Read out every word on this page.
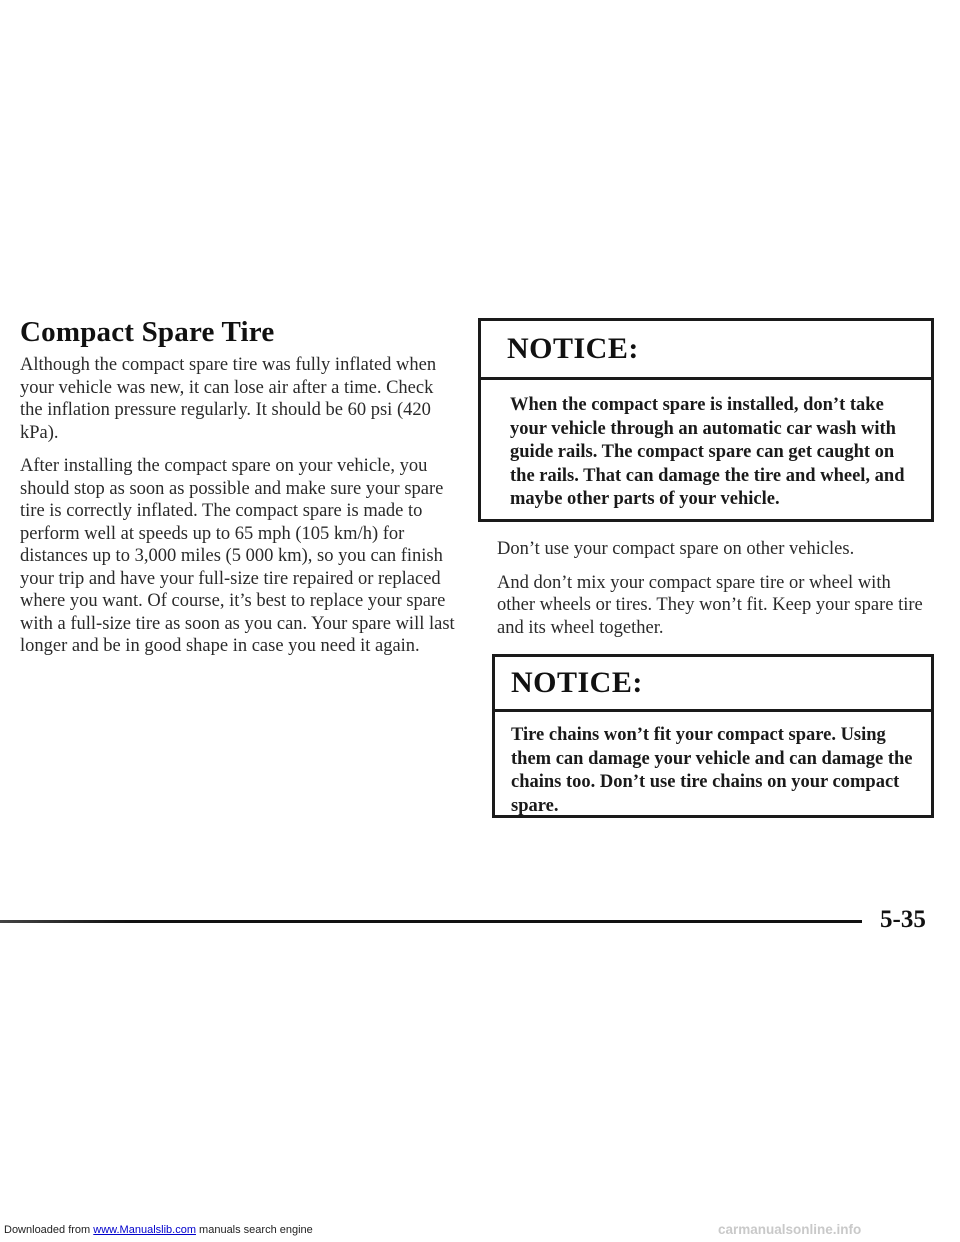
Compact Spare Tire

Although the compact spare tire was fully inflated when your vehicle was new, it can lose air after a time. Check the inflation pressure regularly. It should be 60 psi (420 kPa).

After installing the compact spare on your vehicle, you should stop as soon as possible and make sure your spare tire is correctly inflated. The compact spare is made to perform well at speeds up to 65 mph (105 km/h) for distances up to 3,000 miles (5 000 km), so you can finish your trip and have your full-size tire repaired or replaced where you want. Of course, it’s best to replace your spare with a full-size tire as soon as you can. Your spare will last longer and be in good shape in case you need it again.

NOTICE:
When the compact spare is installed, don’t take your vehicle through an automatic car wash with guide rails. The compact spare can get caught on the rails. That can damage the tire and wheel, and maybe other parts of your vehicle.

Don’t use your compact spare on other vehicles.

And don’t mix your compact spare tire or wheel with other wheels or tires. They won’t fit. Keep your spare tire and its wheel together.

NOTICE:
Tire chains won’t fit your compact spare. Using them can damage your vehicle and can damage the chains too. Don’t use tire chains on your compact spare.
5-35
Downloaded from www.Manualslib.com manuals search engine	carmanualsonline.info
